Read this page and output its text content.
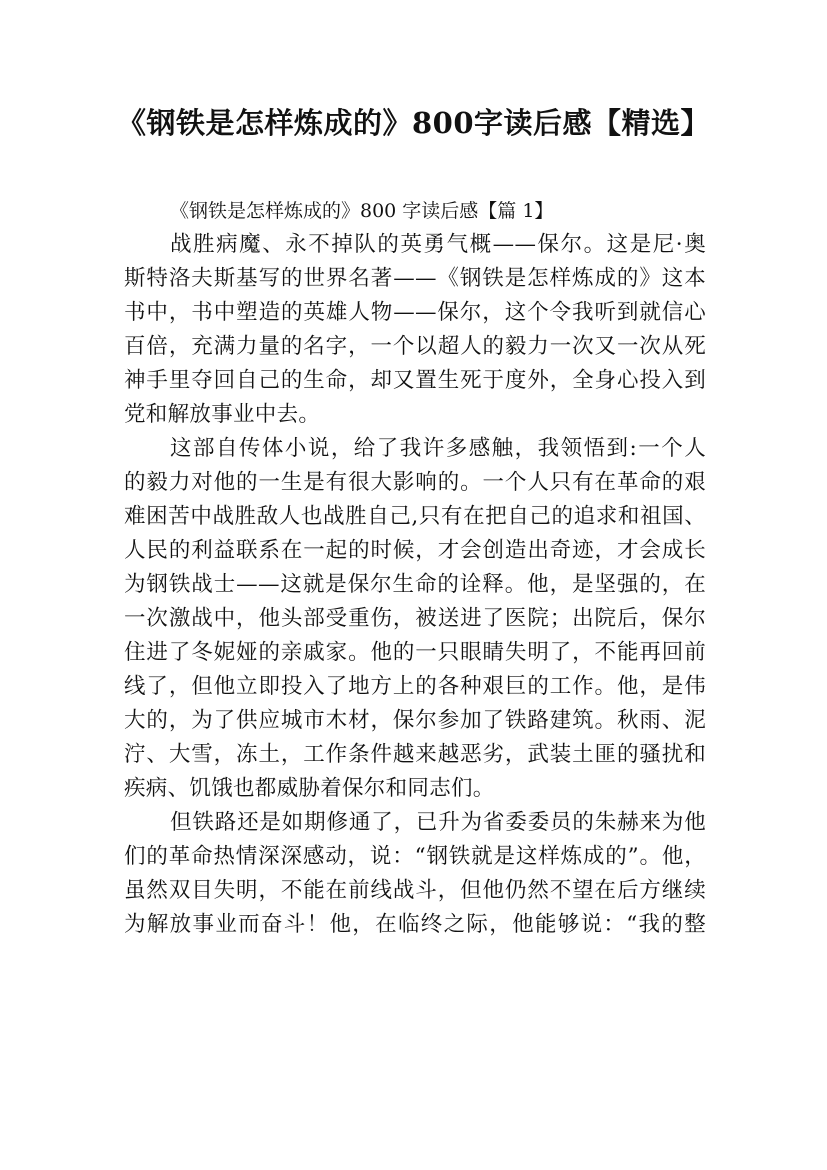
《钢铁是怎样炼成的》800字读后感【精选】
《钢铁是怎样炼成的》800 字读后感【篇 1】
战胜病魔、永不掉队的英勇气概——保尔。这是尼·奥
斯特洛夫斯基写的世界名著——《钢铁是怎样炼成的》这本
书中，书中塑造的英雄人物——保尔，这个令我听到就信心
百倍，充满力量的名字，一个以超人的毅力一次又一次从死
神手里夺回自己的生命，却又置生死于度外，全身心投入到
党和解放事业中去。
这部自传体小说，给了我许多感触，我领悟到:一个人
的毅力对他的一生是有很大影响的。一个人只有在革命的艰
难困苦中战胜敌人也战胜自己,只有在把自己的追求和祖国、
人民的利益联系在一起的时候，才会创造出奇迹，才会成长
为钢铁战士——这就是保尔生命的诠释。他，是坚强的，在
一次激战中，他头部受重伤，被送进了医院；出院后，保尔
住进了冬妮娅的亲戚家。他的一只眼睛失明了，不能再回前
线了，但他立即投入了地方上的各种艰巨的工作。他，是伟
大的，为了供应城市木材，保尔参加了铁路建筑。秋雨、泥
泞、大雪，冻土，工作条件越来越恶劣，武装土匪的骚扰和
疾病、饥饿也都威胁着保尔和同志们。
但铁路还是如期修通了，已升为省委委员的朱赫来为他
们的革命热情深深感动，说：“钢铁就是这样炼成的”。他，
虽然双目失明，不能在前线战斗，但他仍然不望在后方继续
为解放事业而奋斗！他，在临终之际，他能够说：“我的整
